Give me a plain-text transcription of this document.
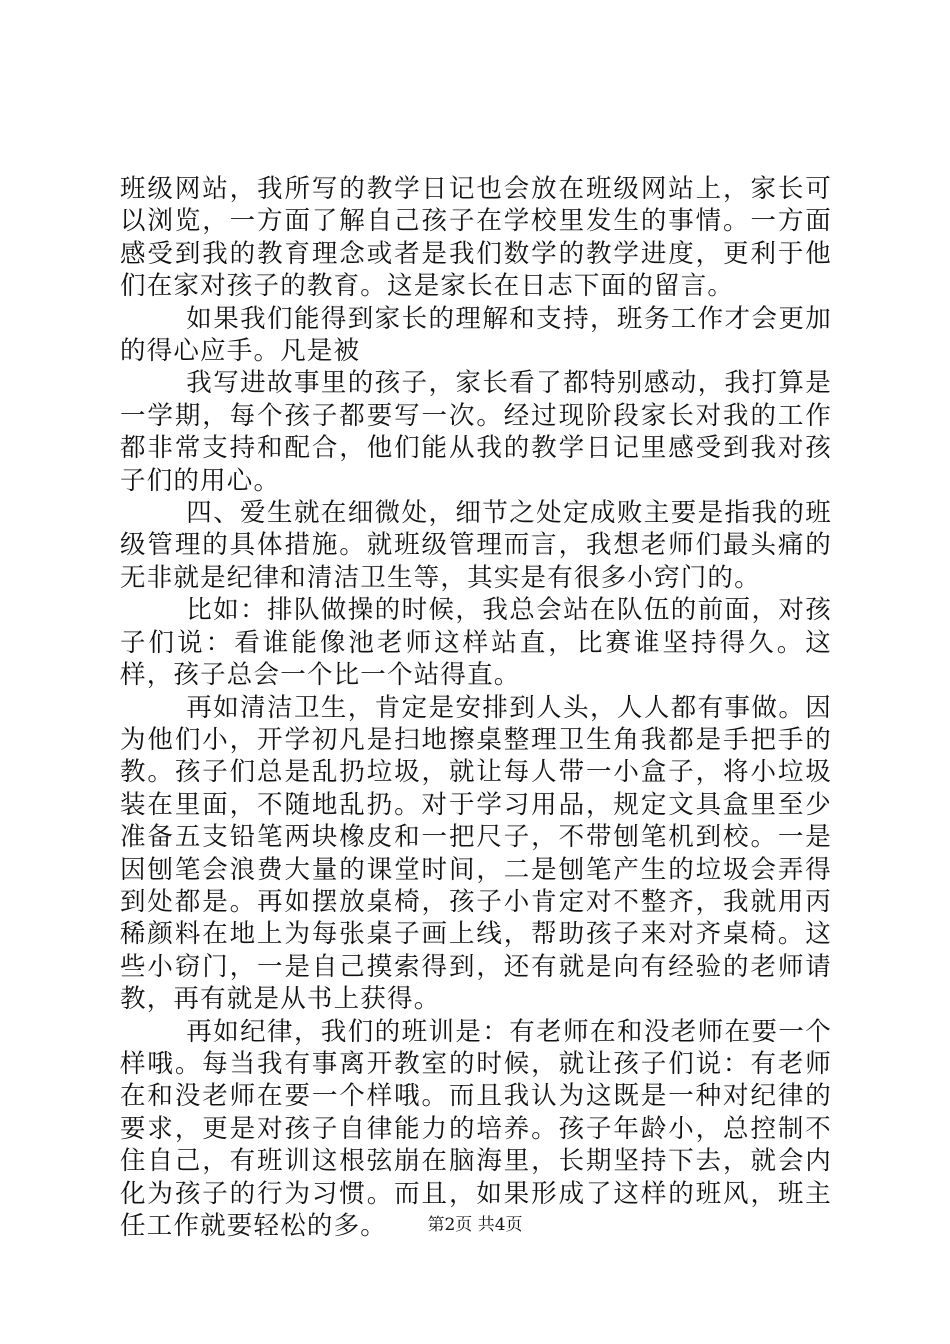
班级网站，我所写的教学日记也会放在班级网站上，家长可以浏览，一方面了解自己孩子在学校里发生的事情。一方面感受到我的教育理念或者是我们数学的教学进度，更利于他们在家对孩子的教育。这是家长在日志下面的留言。

如果我们能得到家长的理解和支持，班务工作才会更加的得心应手。凡是被

我写进故事里的孩子，家长看了都特别感动，我打算是一学期，每个孩子都要写一次。经过现阶段家长对我的工作都非常支持和配合，他们能从我的教学日记里感受到我对孩子们的用心。

四、爱生就在细微处，细节之处定成败主要是指我的班级管理的具体措施。就班级管理而言，我想老师们最头痛的无非就是纪律和清洁卫生等，其实是有很多小窍门的。

比如：排队做操的时候，我总会站在队伍的前面，对孩子们说：看谁能像池老师这样站直，比赛谁坚持得久。这样，孩子总会一个比一个站得直。

再如清洁卫生，肯定是安排到人头，人人都有事做。因为他们小，开学初凡是扫地擦桌整理卫生角我都是手把手的教。孩子们总是乱扔垃圾，就让每人带一小盒子，将小垃圾装在里面，不随地乱扔。对于学习用品，规定文具盒里至少准备五支铅笔两块橡皮和一把尺子，不带刨笔机到校。一是因刨笔会浪费大量的课堂时间，二是刨笔产生的垃圾会弄得到处都是。再如摆放桌椅，孩子小肯定对不整齐，我就用丙稀颜料在地上为每张桌子画上线，帮助孩子来对齐桌椅。这些小窃门，一是自己摸索得到，还有就是向有经验的老师请教，再有就是从书上获得。

再如纪律，我们的班训是：有老师在和没老师在要一个样哦。每当我有事离开教室的时候，就让孩子们说：有老师在和没老师在要一个样哦。而且我认为这既是一种对纪律的要求，更是对孩子自律能力的培养。孩子年龄小，总控制不住自己，有班训这根弦崩在脑海里，长期坚持下去，就会内化为孩子的行为习惯。而且，如果形成了这样的班风，班主任工作就要轻松的多。	第2页 共4页
